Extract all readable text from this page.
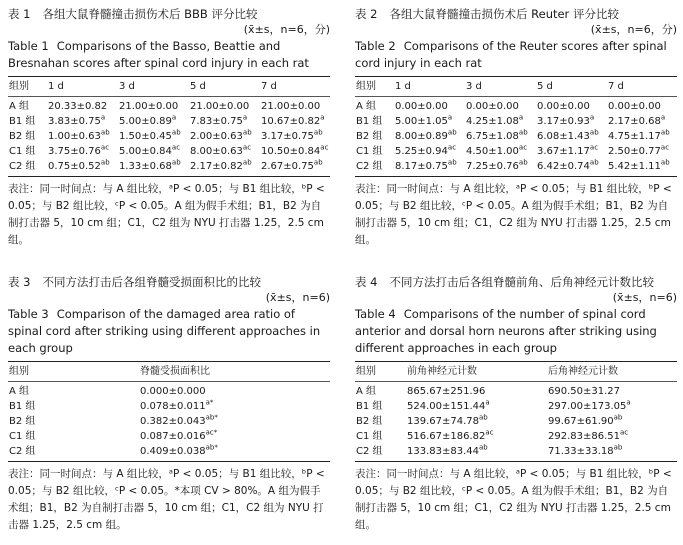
表 1 各组大鼠脊髓撞击损伤术后 BBB 评分比较
(x̄±s，n=6，分)
Table 1 Comparisons of the Basso, Beattie and Bresnahan scores after spinal cord injury in each rat
组别	1 d	3 d	5 d	7 d
A 组	20.33±0.82	21.00±0.00	21.00±0.00	21.00±0.00
B1 组	3.83±0.75$^a$	5.00±0.89$^a$	7.83±0.75$^a$	10.67±0.82$^a$
B2 组	1.00±0.63$^{ab}$	1.50±0.45$^{ab}$	2.00±0.63$^{ab}$	3.17±0.75$^{ab}$
C1 组	3.75±0.76$^{ac}$	5.00±0.84$^{ac}$	8.00±0.63$^{ac}$	10.50±0.84$^{ac}$
C2 组	0.75±0.52$^{ab}$	1.33±0.68$^{ab}$	2.17±0.82$^{ab}$	2.67±0.75$^{ab}$
表注：同一时间点：与 A 组比较，ᵃP < 0.05；与 B1 组比较，ᵇP < 0.05；与 B2 组比较，ᶜP < 0.05。A 组为假手术组；B1，B2 为自制打击器 5，10 cm 组；C1，C2 组为 NYU 打击器 1.25，2.5 cm 组。
表 2 各组大鼠脊髓撞击损伤术后 Reuter 评分比较
(x̄±s，n=6，分)
Table 2 Comparisons of the Reuter scores after spinal cord injury in each rat
组别	1 d	3 d	5 d	7 d
A 组	0.00±0.00	0.00±0.00	0.00±0.00	0.00±0.00
B1 组	5.00±1.05$^a$	4.25±1.08$^a$	3.17±0.93$^a$	2.17±0.68$^a$
B2 组	8.00±0.89$^{ab}$	6.75±1.08$^{ab}$	6.08±1.43$^{ab}$	4.75±1.17$^{ab}$
C1 组	5.25±0.94$^{ac}$	4.50±1.00$^{ac}$	3.67±1.17$^{ac}$	2.50±0.77$^{ac}$
C2 组	8.17±0.75$^{ab}$	7.25±0.76$^{ab}$	6.42±0.74$^{ab}$	5.42±1.11$^{ab}$
表注：同一时间点：与 A 组比较，ᵃP < 0.05；与 B1 组比较，ᵇP < 0.05；与 B2 组比较，ᶜP < 0.05。A 组为假手术组；B1，B2 为自制打击器 5，10 cm 组；C1，C2 组为 NYU 打击器 1.25，2.5 cm 组。
表 3 不同方法打击后各组脊髓受损面积比的比较
(x̄±s，n=6)
Table 3 Comparison of the damaged area ratio of spinal cord after striking using different approaches in each group
组别	脊髓受损面积比
A 组	0.000±0.000
B1 组	$0.078\pm 0.011^{a*}$
B2 组	$0.382\pm 0.043^{ab*}$
C1 组	$0.087\pm 0.016^{ac*}$
C2 组	$0.409\pm 0.038^{ab*}$
表注：同一时间点：与 A 组比较，ᵃP < 0.05；与 B1 组比较，ᵇP < 0.05；与 B2 组比较，ᶜP < 0.05。*本项 CV > 80%。A 组为假手术组；B1，B2 为自制打击器 5，10 cm 组；C1，C2 组为 NYU 打击器 1.25，2.5 cm 组。
表 4 不同方法打击后各组脊髓前角、后角神经元计数比较
(x̄±s，n=6)
Table 4 Comparisons of the number of spinal cord anterior and dorsal horn neurons after striking using different approaches in each group
组别	前角神经元计数	后角神经元计数
A 组	865.67±251.96	690.50±31.27
B1 组	524.00±151.44$^a$	297.00±173.05$^a$
B2 组	139.67±74.78$^{ab}$	99.67±61.90$^{ab}$
C1 组	516.67±186.82$^{ac}$	292.83±86.51$^{ac}$
C2 组	133.83±83.44$^{ab}$	71.33±33.18$^{ab}$
表注：同一时间点：与 A 组比较，ᵃP < 0.05；与 B1 组比较，ᵇP < 0.05；与 B2 组比较，ᶜP < 0.05。A 组为假手术组；B1，B2 为自制打击器 5，10 cm 组；C1，C2 组为 NYU 打击器 1.25，2.5 cm 组。
